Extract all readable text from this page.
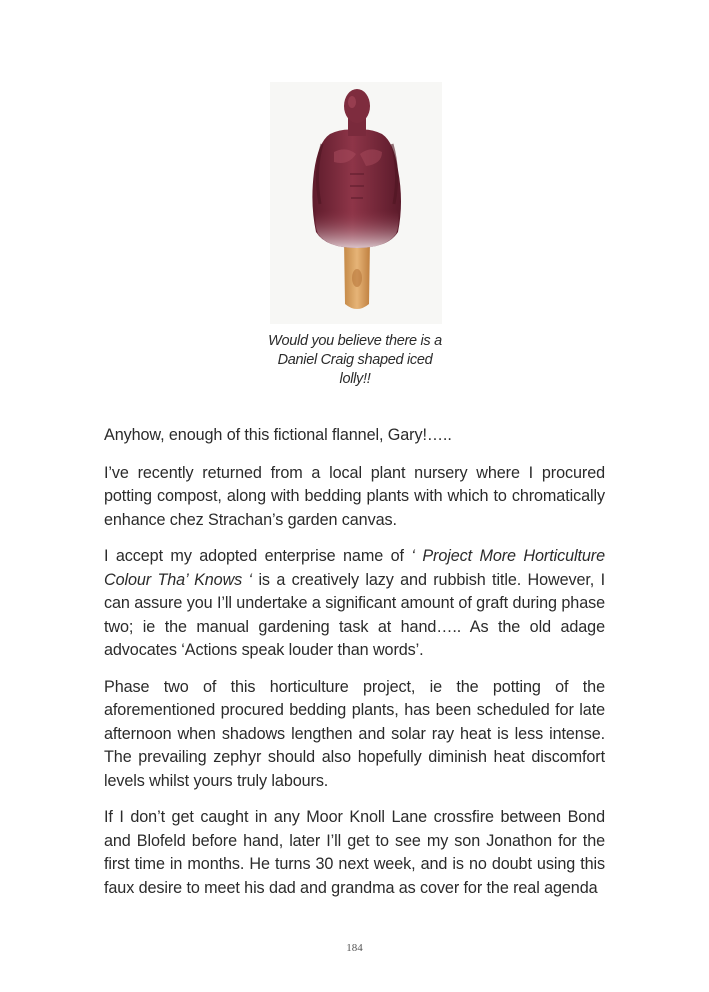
Would you believe there is a
Daniel Craig shaped iced
lolly!!

Anyhow, enough of this fictional flannel, Gary!…..

I’ve recently returned from a local plant nursery where I procured potting compost, along with bedding plants with which to chromatically enhance chez Strachan’s garden canvas.

I accept my adopted enterprise name of ‘ Project More Horticulture Colour Tha’ Knows ‘ is a creatively lazy and rubbish title. However, I can assure you I’ll undertake a significant amount of graft during phase two; ie the manual gardening task at hand….. As the old adage advocates ‘Actions speak louder than words’.

Phase two of this horticulture project, ie the potting of the aforementioned procured bedding plants, has been scheduled for late afternoon when shadows lengthen and solar ray heat is less intense. The prevailing zephyr should also hopefully diminish heat discomfort levels whilst yours truly labours.

If I don’t get caught in any Moor Knoll Lane crossfire between Bond and Blofeld before hand, later I’ll get to see my son Jonathon for the first time in months. He turns 30 next week, and is no doubt using this faux desire to meet his dad and grandma as cover for the real agenda

184
